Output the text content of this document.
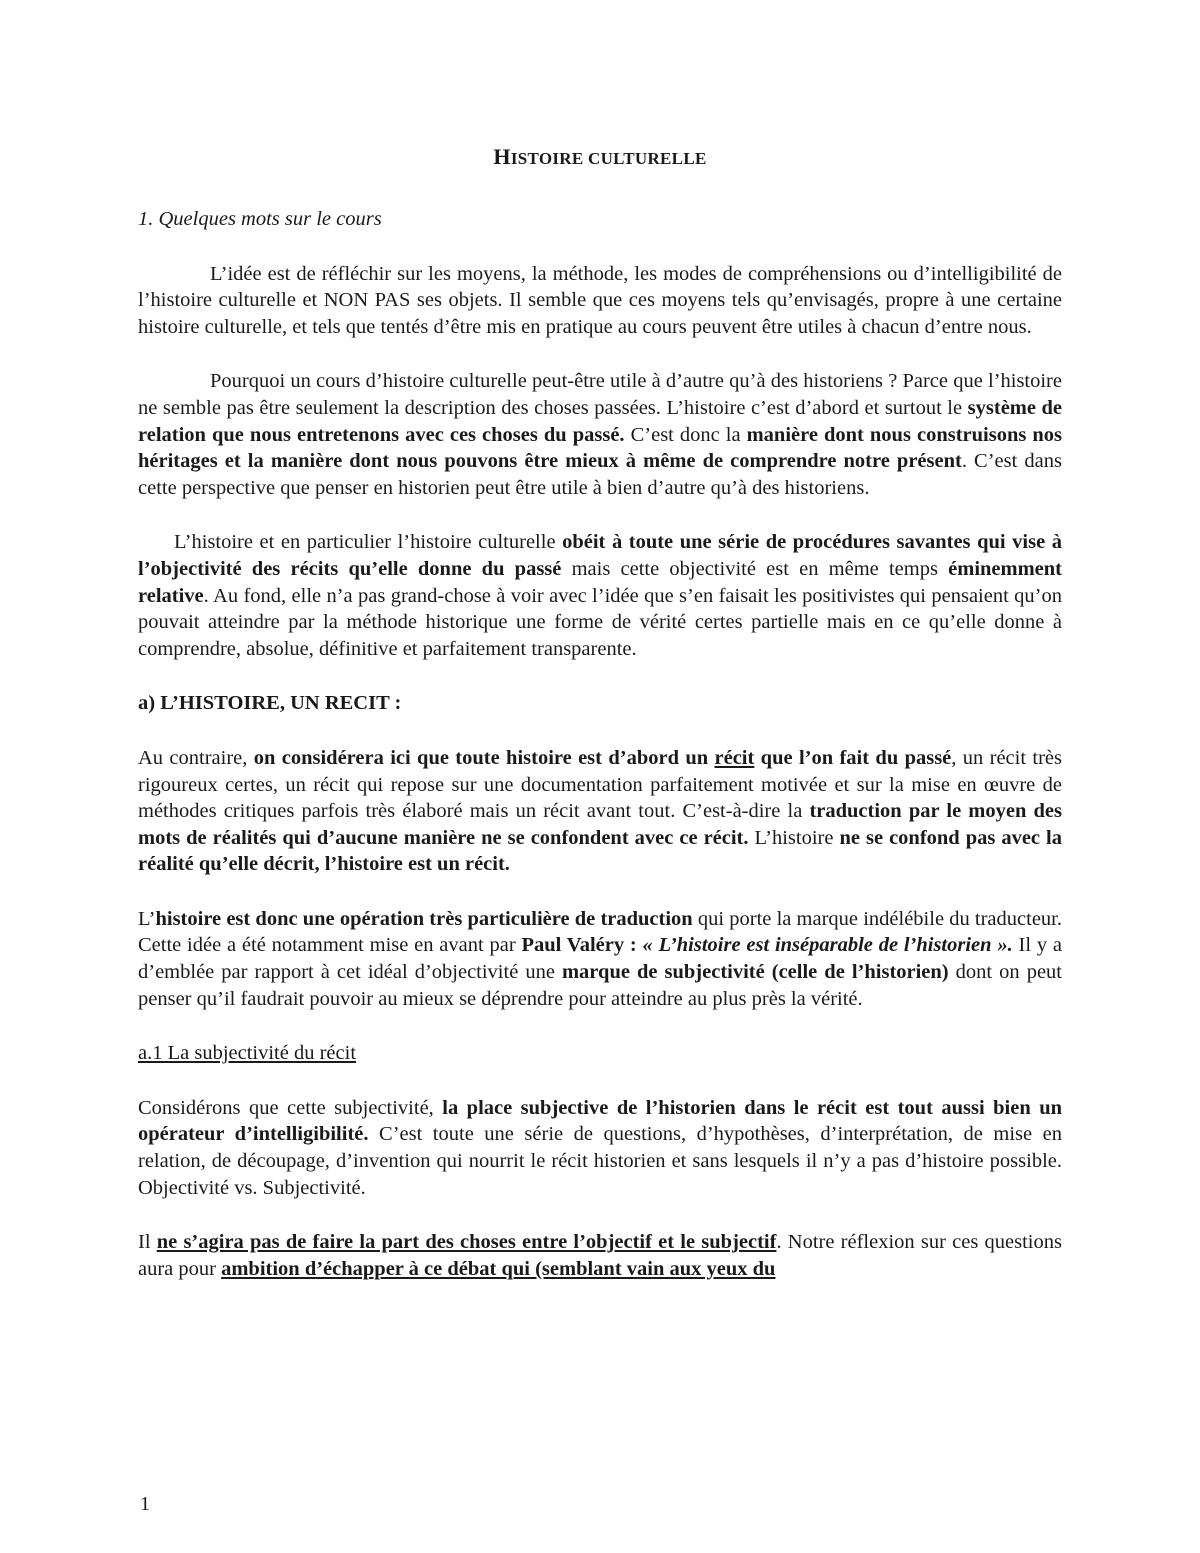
HISTOIRE CULTURELLE

1. Quelques mots sur le cours

L’idée est de réfléchir sur les moyens, la méthode, les modes de compréhensions ou d’intelligibilité de l’histoire culturelle et NON PAS ses objets. Il semble que ces moyens tels qu’envisagés, propre à une certaine histoire culturelle, et tels que tentés d’être mis en pratique au cours peuvent être utiles à chacun d’entre nous.

Pourquoi un cours d’histoire culturelle peut-être utile à d’autre qu’à des historiens ? Parce que l’histoire ne semble pas être seulement la description des choses passées. L’histoire c’est d’abord et surtout le système de relation que nous entretenons avec ces choses du passé. C’est donc la manière dont nous construisons nos héritages et la manière dont nous pouvons être mieux à même de comprendre notre présent. C’est dans cette perspective que penser en historien peut être utile à bien d’autre qu’à des historiens.

L’histoire et en particulier l’histoire culturelle obéit à toute une série de procédures savantes qui vise à l’objectivité des récits qu’elle donne du passé mais cette objectivité est en même temps éminemment relative. Au fond, elle n’a pas grand-chose à voir avec l’idée que s’en faisait les positivistes qui pensaient qu’on pouvait atteindre par la méthode historique une forme de vérité certes partielle mais en ce qu’elle donne à comprendre, absolue, définitive et parfaitement transparente.

a) L’HISTOIRE, UN RECIT :

Au contraire, on considérera ici que toute histoire est d’abord un récit que l’on fait du passé, un récit très rigoureux certes, un récit qui repose sur une documentation parfaitement motivée et sur la mise en œuvre de méthodes critiques parfois très élaboré mais un récit avant tout. C’est-à-dire la traduction par le moyen des mots de réalités qui d’aucune manière ne se confondent avec ce récit. L’histoire ne se confond pas avec la réalité qu’elle décrit, l’histoire est un récit.

L’histoire est donc une opération très particulière de traduction qui porte la marque indélébile du traducteur. Cette idée a été notamment mise en avant par Paul Valéry : « L’histoire est inséparable de l’historien ». Il y a d’emblée par rapport à cet idéal d’objectivité une marque de subjectivité (celle de l’historien) dont on peut penser qu’il faudrait pouvoir au mieux se déprendre pour atteindre au plus près la vérité.

a.1 La subjectivité du récit

Considérons que cette subjectivité, la place subjective de l’historien dans le récit est tout aussi bien un opérateur d’intelligibilité. C’est toute une série de questions, d’hypothèses, d’interprétation, de mise en relation, de découpage, d’invention qui nourrit le récit historien et sans lesquels il n’y a pas d’histoire possible. Objectivité vs. Subjectivité.

Il ne s’agira pas de faire la part des choses entre l’objectif et le subjectif. Notre réflexion sur ces questions aura pour ambition d’échapper à ce débat qui (semblant vain aux yeux du

1
